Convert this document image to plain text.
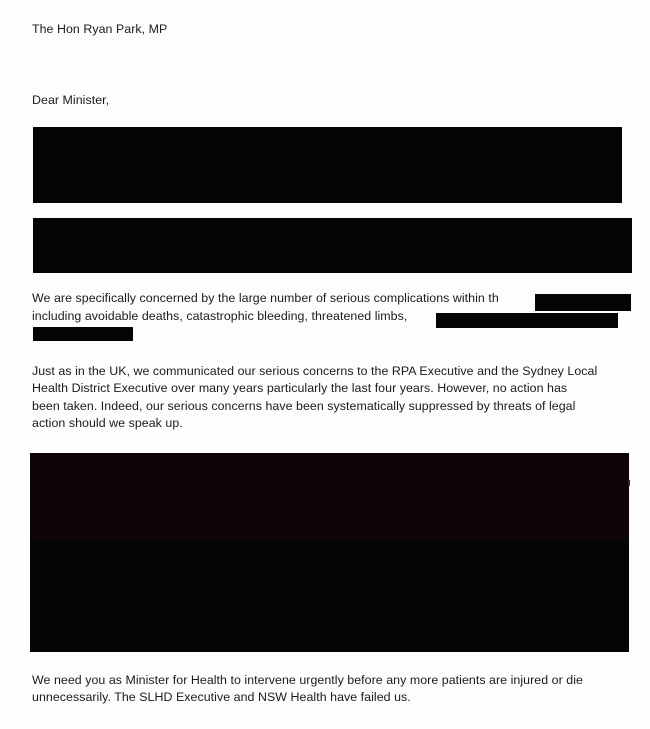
The Hon Ryan Park, MP
Dear Minister,
We are specifically concerned by the large number of serious complications within th
including avoidable deaths, catastrophic bleeding, threatened limbs,
Just as in the UK, we communicated our serious concerns to the RPA Executive and the Sydney Local
Health District Executive over many years particularly the last four years. However, no action has
been taken. Indeed, our serious concerns have been systematically suppressed by threats of legal
action should we speak up.
We need you as Minister for Health to intervene urgently before any more patients are injured or die
unnecessarily. The SLHD Executive and NSW Health have failed us.
